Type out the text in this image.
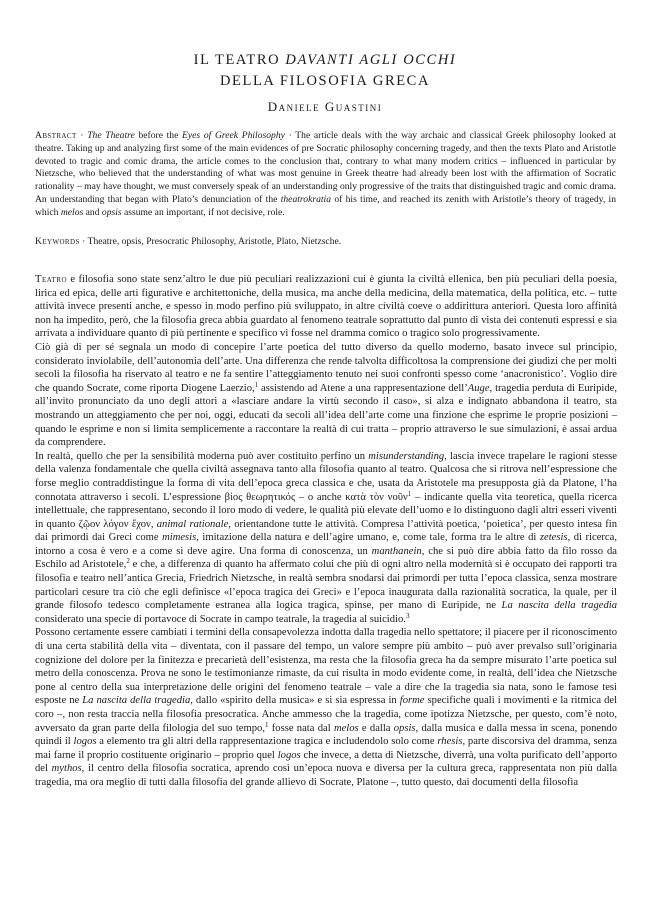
IL TEATRO DAVANTI AGLI OCCHI
DELLA FILOSOFIA GRECA
Daniele Guastini
Abstract · The Theatre before the Eyes of Greek Philosophy · The article deals with the way archaic and classical Greek philosophy looked at theatre. Taking up and analyzing first some of the main evidences of pre Socratic philosophy concerning tragedy, and then the texts Plato and Aristotle devoted to tragic and comic drama, the article comes to the conclusion that, contrary to what many modern critics – influenced in particular by Nietzsche, who believed that the understanding of what was most genuine in Greek theatre had already been lost with the affirmation of Socratic rationality – may have thought, we must conversely speak of an understanding only progressive of the traits that distinguished tragic and comic drama. An understanding that began with Plato’s denunciation of the theatrokratia of his time, and reached its zenith with Aristotle’s theory of tragedy, in which melos and opsis assume an important, if not decisive, role.
Keywords · Theatre, opsis, Presocratic Philosophy, Aristotle, Plato, Nietzsche.

Teatro e filosofia sono state senz’altro le due più peculiari realizzazioni cui è giunta la civiltà ellenica, ben più peculiari della poesia, lirica ed epica, delle arti figurative e architettoniche, della musica, ma anche della medicina, della matematica, della politica, etc. – tutte attività invece presenti anche, e spesso in modo perfino più sviluppato, in altre civiltà coeve o addirittura anteriori. Questa loro affinità non ha impedito, però, che la filosofia greca abbia guardato al fenomeno teatrale soprattutto dal punto di vista dei contenuti espressi e sia arrivata a individuare quanto di più pertinente e specifico vi fosse nel dramma comico o tragico solo progressivamente.

Ciò già di per sé segnala un modo di concepire l’arte poetica del tutto diverso da quello moderno, basato invece sul principio, considerato inviolabile, dell’autonomia dell’arte. Una differenza che rende talvolta difficoltosa la comprensione dei giudizi che per molti secoli la filosofia ha riservato al teatro e ne fa sentire l’atteggiamento tenuto nei suoi confronti spesso come ‘anacronistico’. Voglio dire che quando Socrate, come riporta Diogene Laerzio,$^1$ assistendo ad Atene a una rappresentazione dell’Auge, tragedia perduta di Euripide, all’invito pronunciato da uno degli attori a «lasciare andare la virtù secondo il caso», si alza e indignato abbandona il teatro, sta mostrando un atteggiamento che per noi, oggi, educati da secoli all’idea dell’arte come una finzione che esprime le proprie posizioni – quando le esprime e non si limita semplicemente a raccontare la realtà di cui tratta – proprio attraverso le sue simulazioni, è assai ardua da comprendere.

In realtà, quello che per la sensibilità moderna può aver costituito perfino un misunderstanding, lascia invece trapelare le ragioni stesse della valenza fondamentale che quella civiltà assegnava tanto alla filosofia quanto al teatro. Qualcosa che si ritrova nell’espressione che forse meglio contraddistingue la forma di vita dell’epoca greca classica e che, usata da Aristotele ma presupposta già da Platone, l’ha connotata attraverso i secoli. L’espressione βίος θεωρητικός – o anche κατὰ τὸν νοῦν$^1$ – indicante quella vita teoretica, quella ricerca intellettuale, che rappresentano, secondo il loro modo di vedere, le qualità più elevate dell’uomo e lo distinguono dagli altri esseri viventi in quanto ζῷον λόγον ἔχον, animal rationale, orientandone tutte le attività. Compresa l’attività poetica, ‘poietica’, per questo intesa fin dai primordi dai Greci come mimesis, imitazione della natura e dell’agire umano, e, come tale, forma tra le altre di zetesis, di ricerca, intorno a cosa è vero e a come si deve agire. Una forma di conoscenza, un manthanein, che si può dire abbia fatto da filo rosso da Eschilo ad Aristotele,$^2$ e che, a differenza di quanto ha affermato colui che più di ogni altro nella modernità si è occupato dei rapporti tra filosofia e teatro nell’antica Grecia, Friedrich Nietzsche, in realtà sembra snodarsi dai primordi per tutta l’epoca classica, senza mostrare particolari cesure tra ciò che egli definisce «l’epoca tragica dei Greci» e l’epoca inaugurata dalla razionalità socratica, la quale, per il grande filosofo tedesco completamente estranea alla logica tragica, spinse, per mano di Euripide, ne La nascita della tragedia considerato una specie di portavoce di Socrate in campo teatrale, la tragedia al suicidio.$^3$

Possono certamente essere cambiati i termini della consapevolezza indotta dalla tragedia nello spettatore; il piacere per il riconoscimento di una certa stabilità della vita – diventata, con il passare del tempo, un valore sempre più ambito – può aver prevalso sull’originaria cognizione del dolore per la finitezza e precarietà dell’esistenza, ma resta che la filosofia greca ha da sempre misurato l’arte poetica sul metro della conoscenza. Prova ne sono le testimonianze rimaste, da cui risulta in modo evidente come, in realtà, dell’idea che Nietzsche pone al centro della sua interpretazione delle origini del fenomeno teatrale – vale a dire che la tragedia sia nata, sono le famose tesi esposte ne La nascita della tragedia, dallo «spirito della musica» e si sia espressa in forme specifiche quali i movimenti e la ritmica del coro –, non resta traccia nella filosofia presocratica. Anche ammesso che la tragedia, come ipotizza Nietzsche, per questo, com’è noto, avversato da gran parte della filologia del suo tempo,$^1$ fosse nata dal melos e dalla opsis, dalla musica e dalla messa in scena, ponendo quindi il logos a elemento tra gli altri della rappresentazione tragica e includendolo solo come rhesis, parte discorsiva del dramma, senza mai farne il proprio costituente originario – proprio quel logos che invece, a detta di Nietzsche, diverrà, una volta purificato dell’apporto del mythos, il centro della filosofia socratica, aprendo così un’epoca nuova e diversa per la cultura greca, rappresentata non più dalla tragedia, ma ora meglio di tutti dalla filosofia del grande allievo di Socrate, Platone –, tutto questo, dai documenti della filosofia
